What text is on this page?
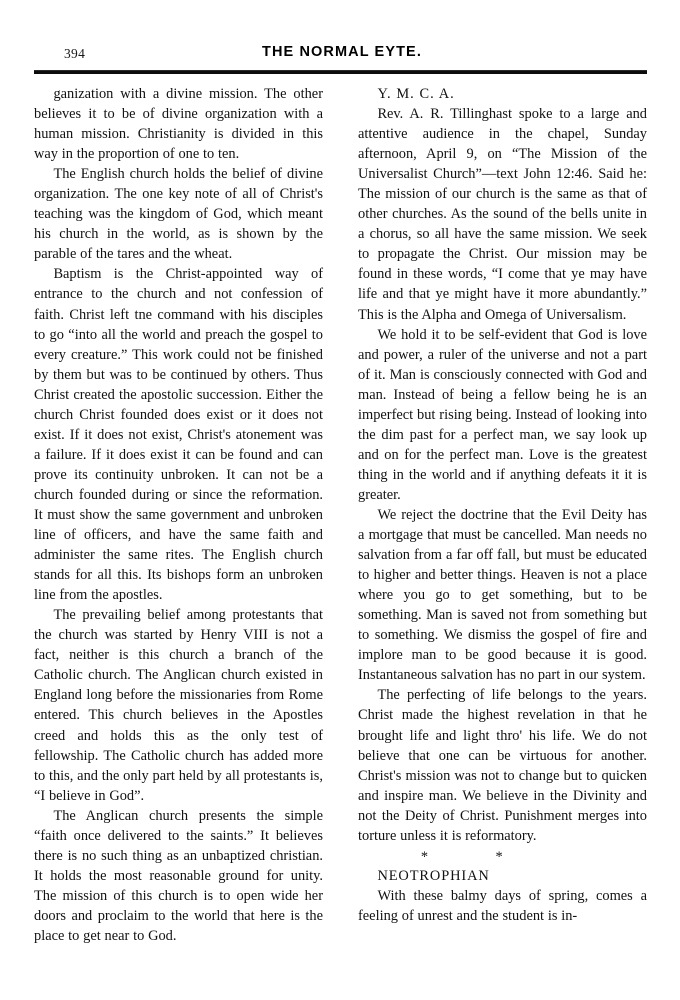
394	THE NORMAL EYTE.

ganization with a divine mission. The other believes it to be of divine organization with a human mission. Christianity is divided in this way in the proportion of one to ten.

The English church holds the belief of divine organization. The one key note of all of Christ's teaching was the kingdom of God, which meant his church in the world, as is shown by the parable of the tares and the wheat.

Baptism is the Christ-appointed way of entrance to the church and not confession of faith. Christ left tne command with his disciples to go “into all the world and preach the gospel to every creature.” This work could not be finished by them but was to be continued by others. Thus Christ created the apostolic succession. Either the church Christ founded does exist or it does not exist. If it does not exist, Christ's atonement was a failure. If it does exist it can be found and can prove its continuity unbroken. It can not be a church founded during or since the reformation. It must show the same government and unbroken line of officers, and have the same faith and administer the same rites. The English church stands for all this. Its bishops form an unbroken line from the apostles.

The prevailing belief among protestants that the church was started by Henry VIII is not a fact, neither is this church a branch of the Catholic church. The Anglican church existed in England long before the missionaries from Rome entered. This church believes in the Apostles creed and holds this as the only test of fellowship. The Catholic church has added more to this, and the only part held by all protestants is, “I believe in God”.

The Anglican church presents the simple “faith once delivered to the saints.” It believes there is no such thing as an unbaptized christian. It holds the most reasonable ground for unity. The mission of this church is to open wide her doors and proclaim to the world that here is the place to get near to God.

Y. M. C. A.

Rev. A. R. Tillinghast spoke to a large and attentive audience in the chapel, Sunday afternoon, April 9, on “The Mission of the Universalist Church”—text John 12:46. Said he: The mission of our church is the same as that of other churches. As the sound of the bells unite in a chorus, so all have the same mission. We seek to propagate the Christ. Our mission may be found in these words, “I come that ye may have life and that ye might have it more abundantly.” This is the Alpha and Omega of Universalism.

We hold it to be self-evident that God is love and power, a ruler of the universe and not a part of it. Man is consciously connected with God and man. Instead of being a fellow being he is an imperfect but rising being. Instead of looking into the dim past for a perfect man, we say look up and on for the perfect man. Love is the greatest thing in the world and if anything defeats it it is greater.

We reject the doctrine that the Evil Deity has a mortgage that must be cancelled. Man needs no salvation from a far off fall, but must be educated to higher and better things. Heaven is not a place where you go to get something, but to be something. Man is saved not from something but to something. We dismiss the gospel of fire and implore man to be good because it is good. Instantaneous salvation has no part in our system.

The perfecting of life belongs to the years. Christ made the highest revelation in that he brought life and light thro' his life. We do not believe that one can be virtuous for another. Christ's mission was not to change but to quicken and inspire man. We believe in the Divinity and not the Deity of Christ. Punishment merges into torture unless it is reformatory.

*	*

NEOTROPHIAN

With these balmy days of spring, comes a feeling of unrest and the student is in-
